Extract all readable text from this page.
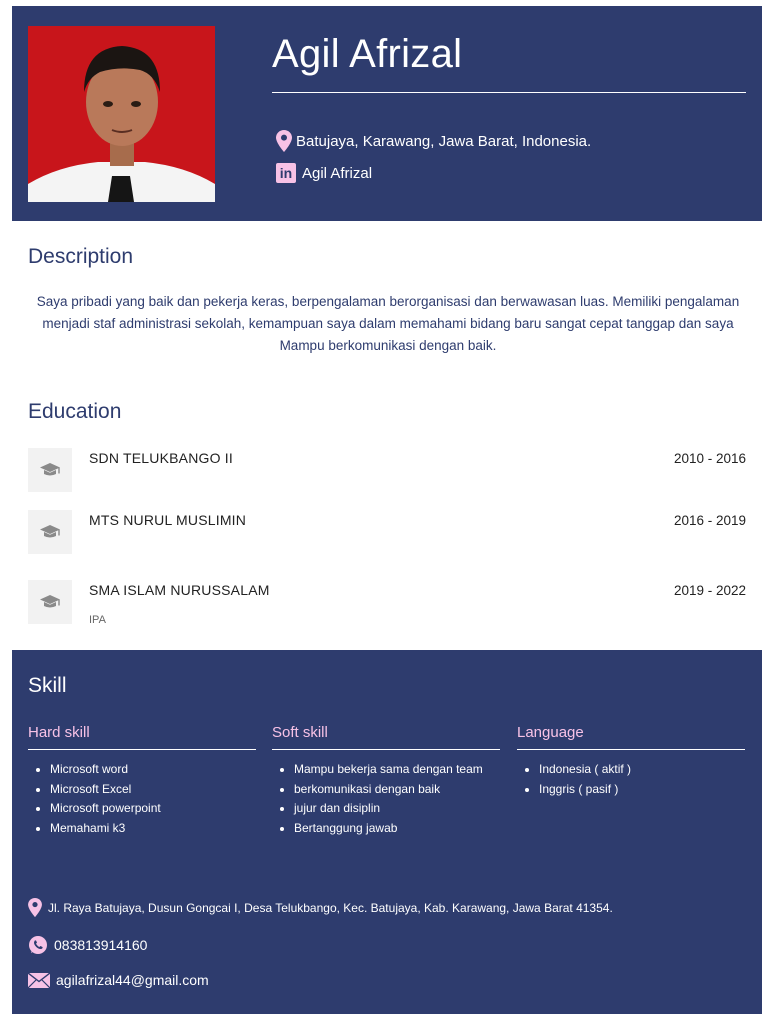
Agil Afrizal
Batujaya, Karawang, Jawa Barat, Indonesia.
in Agil Afrizal
Description
Saya pribadi yang baik dan pekerja keras, berpengalaman berorganisasi dan berwawasan luas. Memiliki pengalaman menjadi staf administrasi sekolah, kemampuan saya dalam memahami bidang baru sangat cepat tanggap dan saya Mampu berkomunikasi dengan baik.
Education
SDN TELUKBANGO II	2010 - 2016
MTS NURUL MUSLIMIN	2016 - 2019
SMA ISLAM NURUSSALAM	2019 - 2022
IPA
Skill
Hard skill
• Microsoft word
• Microsoft Excel
• Microsoft powerpoint
• Memahami k3
Soft skill
• Mampu bekerja sama dengan team
• berkomunikasi dengan baik
• jujur dan disiplin
• Bertanggung jawab
Language
• Indonesia ( aktif )
• Inggris ( pasif )
Jl. Raya Batujaya, Dusun Gongcai I, Desa Telukbango, Kec. Batujaya, Kab. Karawang, Jawa Barat 41354.
083813914160
agilafrizal44@gmail.com
